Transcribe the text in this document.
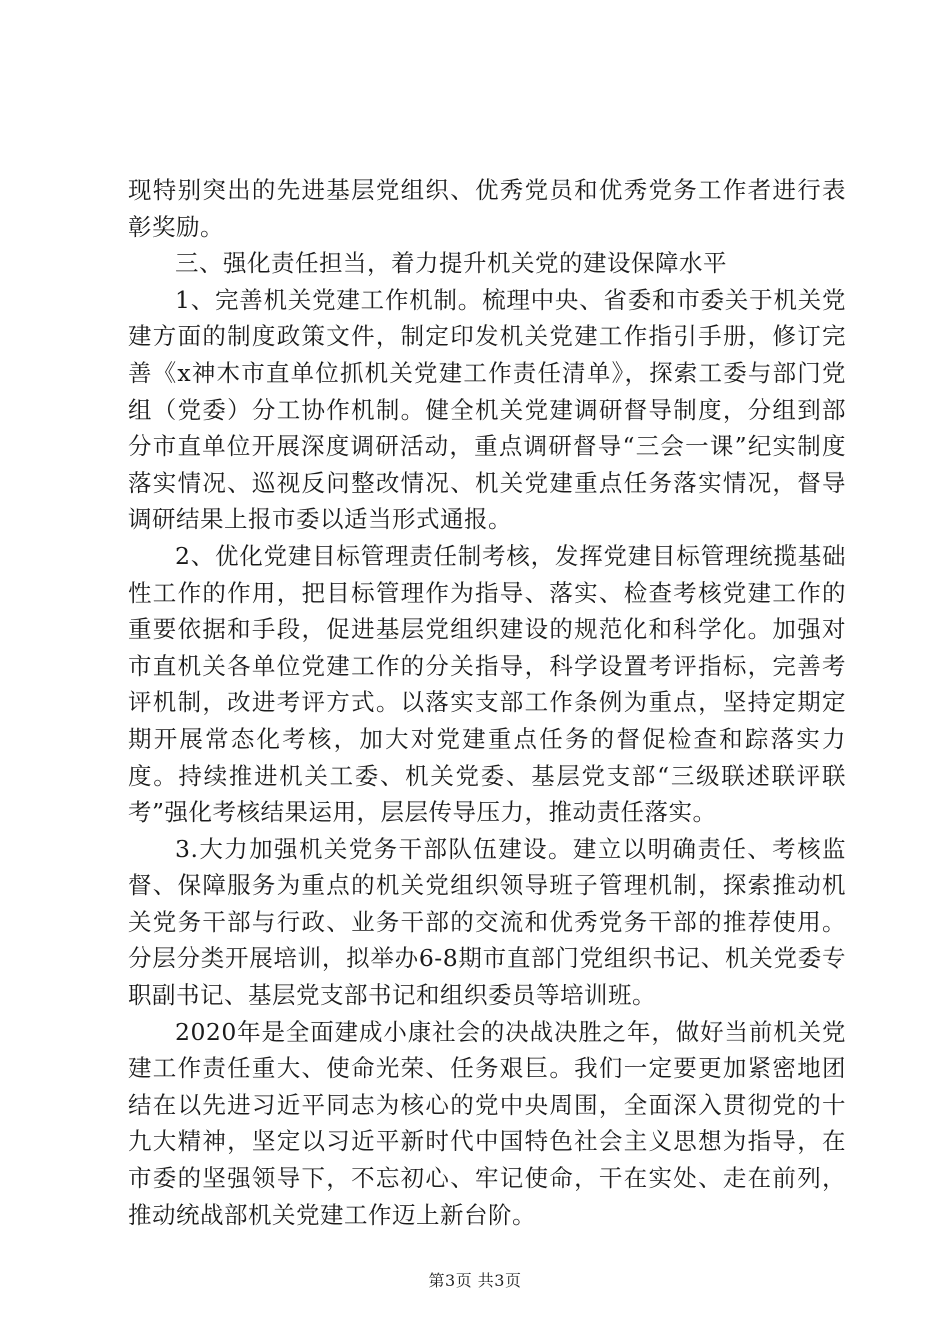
现特别突出的先进基层党组织、优秀党员和优秀党务工作者进行表彰奖励。

三、强化责任担当，着力提升机关党的建设保障水平

1、完善机关党建工作机制。梳理中央、省委和市委关于机关党建方面的制度政策文件，制定印发机关党建工作指引手册，修订完善《x神木市直单位抓机关党建工作责任清单》，探索工委与部门党组（党委）分工协作机制。健全机关党建调研督导制度，分组到部分市直单位开展深度调研活动，重点调研督导“三会一课”纪实制度落实情况、巡视反问整改情况、机关党建重点任务落实情况，督导调研结果上报市委以适当形式通报。

2、优化党建目标管理责任制考核，发挥党建目标管理统揽基础性工作的作用，把目标管理作为指导、落实、检查考核党建工作的重要依据和手段，促进基层党组织建设的规范化和科学化。加强对市直机关各单位党建工作的分关指导，科学设置考评指标，完善考评机制，改进考评方式。以落实支部工作条例为重点，坚持定期定期开展常态化考核，加大对党建重点任务的督促检查和踪落实力度。持续推进机关工委、机关党委、基层党支部“三级联述联评联考”强化考核结果运用，层层传导压力，推动责任落实。

3.大力加强机关党务干部队伍建设。建立以明确责任、考核监督、保障服务为重点的机关党组织领导班子管理机制，探索推动机关党务干部与行政、业务干部的交流和优秀党务干部的推荐使用。分层分类开展培训，拟举办6-8期市直部门党组织书记、机关党委专职副书记、基层党支部书记和组织委员等培训班。

2020年是全面建成小康社会的决战决胜之年，做好当前机关党建工作责任重大、使命光荣、任务艰巨。我们一定要更加紧密地团结在以先进习近平同志为核心的党中央周围，全面深入贯彻党的十九大精神，坚定以习近平新时代中国特色社会主义思想为指导，在市委的坚强领导下，不忘初心、牢记使命，干在实处、走在前列，推动统战部机关党建工作迈上新台阶。

第3页 共3页
